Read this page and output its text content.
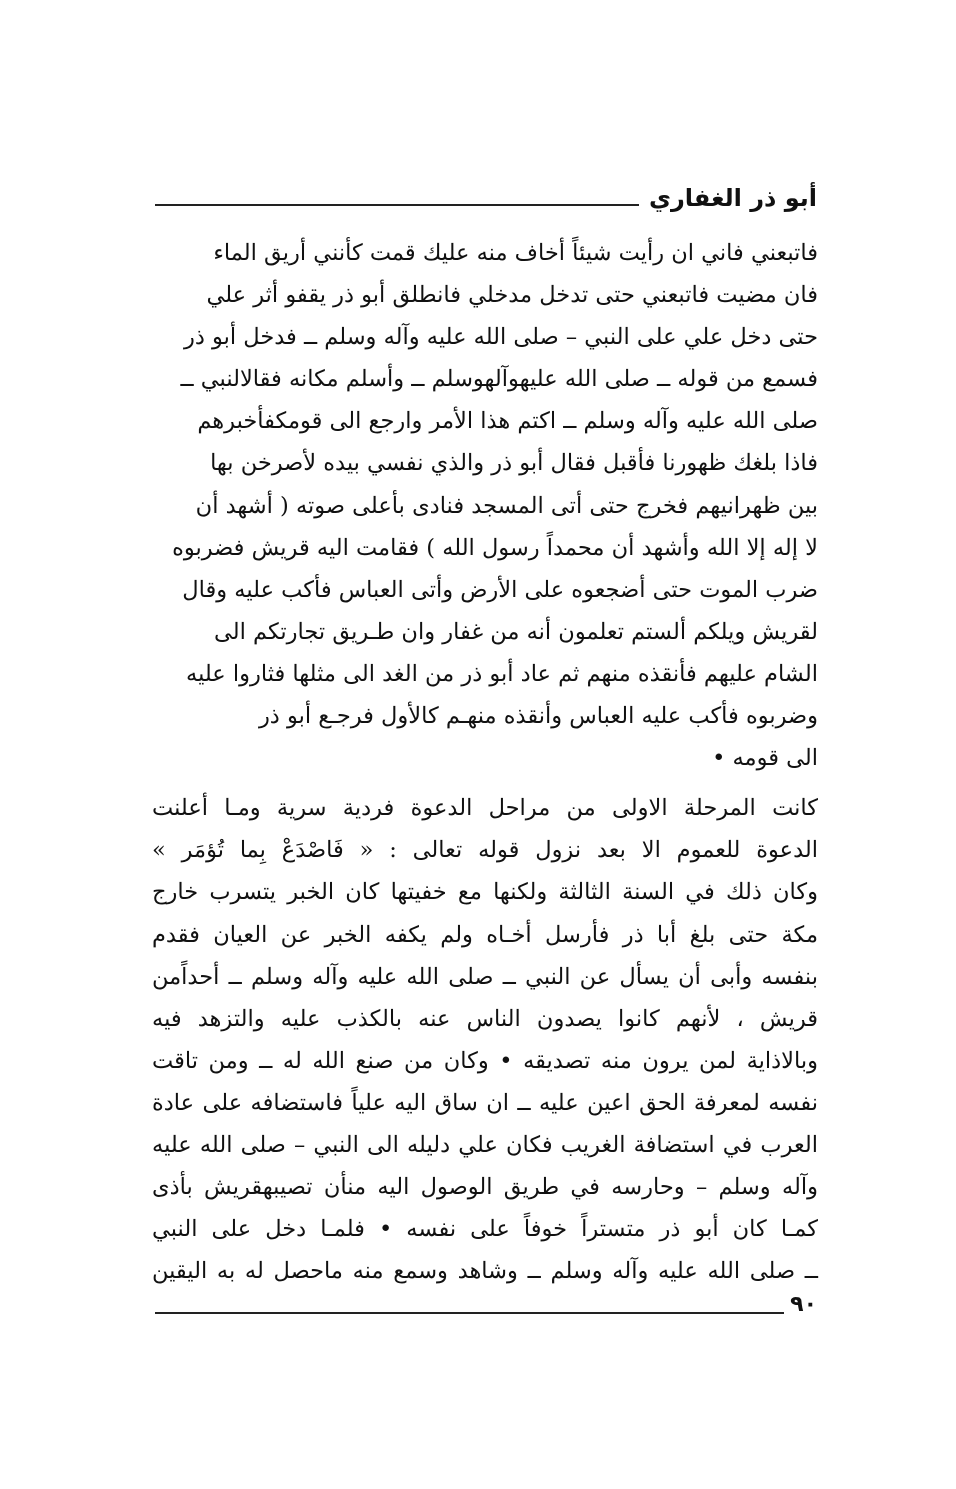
أبو ذر الغفاري

فاتبعني فاني ان رأيت شيئاً أخاف منه عليك قمت كأنني أريق الماء
فان مضيت فاتبعني حتى تدخل مدخلي فانطلق أبو ذر يقفو أثر علي
حتى دخل علي على النبي – صلى الله عليه وآله وسلم ــ فدخل أبو ذر
فسمع من قوله ــ صلى الله عليهوآلهوسلم ــ وأسلم مكانه فقالالنبي ــ
صلى الله عليه وآله وسلم ــ اكتم هذا الأمر وارجع الى قومكفأخبرهم
فاذا بلغك ظهورنا فأقبل فقال أبو ذر والذي نفسي بيده لأصرخن بها
بين ظهرانيهم فخرج حتى أتى المسجد فنادى بأعلى صوته ( أشهد أن
لا إله إلا الله وأشهد أن محمداً رسول الله ) فقامت اليه قريش فضربوه
ضرب الموت حتى أضجعوه على الأرض وأتى العباس فأكب عليه وقال
لقريش ويلكم ألستم تعلمون أنه من غفار وان طـريق تجارتكم الى
الشام عليهم فأنقذه منهم ثم عاد أبو ذر من الغد الى مثلها فثاروا عليه
وضربوه فأكب عليه العباس وأنقذه منهـم كالأول فرجـع أبو ذر
الى قومه •

كانت المرحلة الاولى من مراحل الدعوة فردية سرية ومـا أعلنت
الدعوة للعموم الا بعد نزول قوله تعالى : « فَاصْدَعْ بِما تُؤمَر »
وكان ذلك في السنة الثالثة ولكنها مع خفيتها كان الخبر يتسرب خارج
مكة حتى بلغ أبا ذر فأرسل أخـاه ولم يكفه الخبر عن العيان فقدم
بنفسه وأبى أن يسأل عن النبي ــ صلى الله عليه وآله وسلم ــ أحداًمن
قريش ، لأنهم كانوا يصدون الناس عنه بالكذب عليه والتزهد فيه
وبالاذاية لمن يرون منه تصديقه • وكان من صنع الله له ــ ومن تاقت
نفسه لمعرفة الحق اعين عليه ــ ان ساق اليه علياً فاستضافه على عادة
العرب في استضافة الغريب فكان علي دليله الى النبي – صلى الله عليه
وآله وسلم – وحارسه في طريق الوصول اليه منأن تصيبهقريش بأذى
كمـا كان أبو ذر متستراً خوفاً على نفسه • فلمـا دخل على النبي
ــ صلى الله عليه وآله وسلم ــ وشاهد وسمع منه ماحصل له به اليقين

٩٠
